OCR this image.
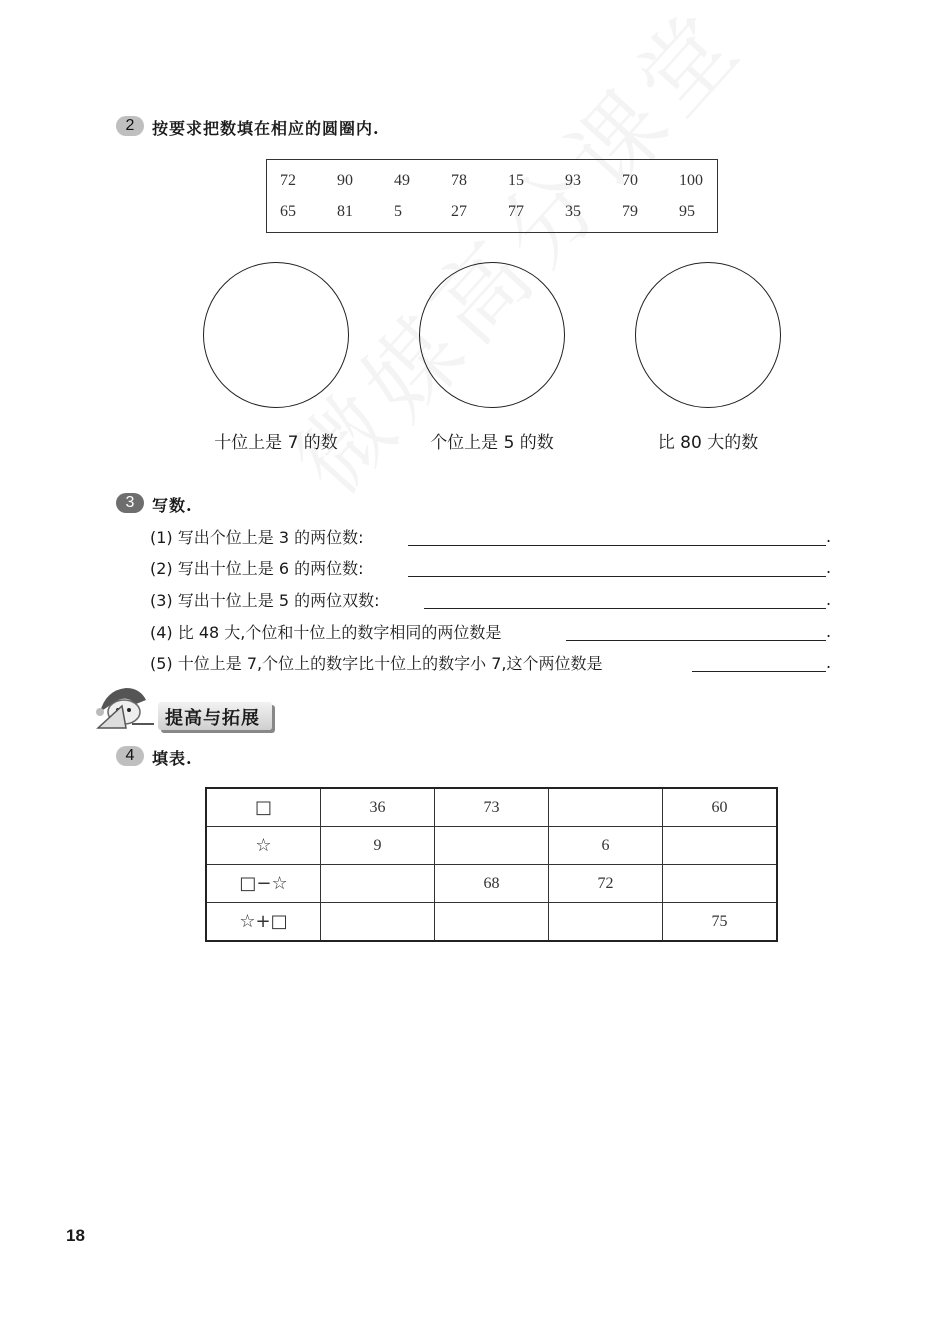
2	按要求把数填在相应的圆圈内.
72	90	49	78	15	93	70	100
65	81	5	27	77	35	79	95
十位上是 7 的数	个位上是 5 的数	比 80 大的数
3	写数.
(1) 写出个位上是 3 的两位数:	.
(2) 写出十位上是 6 的两位数:	.
(3) 写出十位上是 5 的两位双数:	.
(4) 比 48 大,个位和十位上的数字相同的两位数是	.
(5) 十位上是 7,个位上的数字比十位上的数字小 7,这个两位数是	.
提高与拓展
4	填表.
□	36	73		60
☆	9		6	
□−☆		68	72	
☆+□				75
18
